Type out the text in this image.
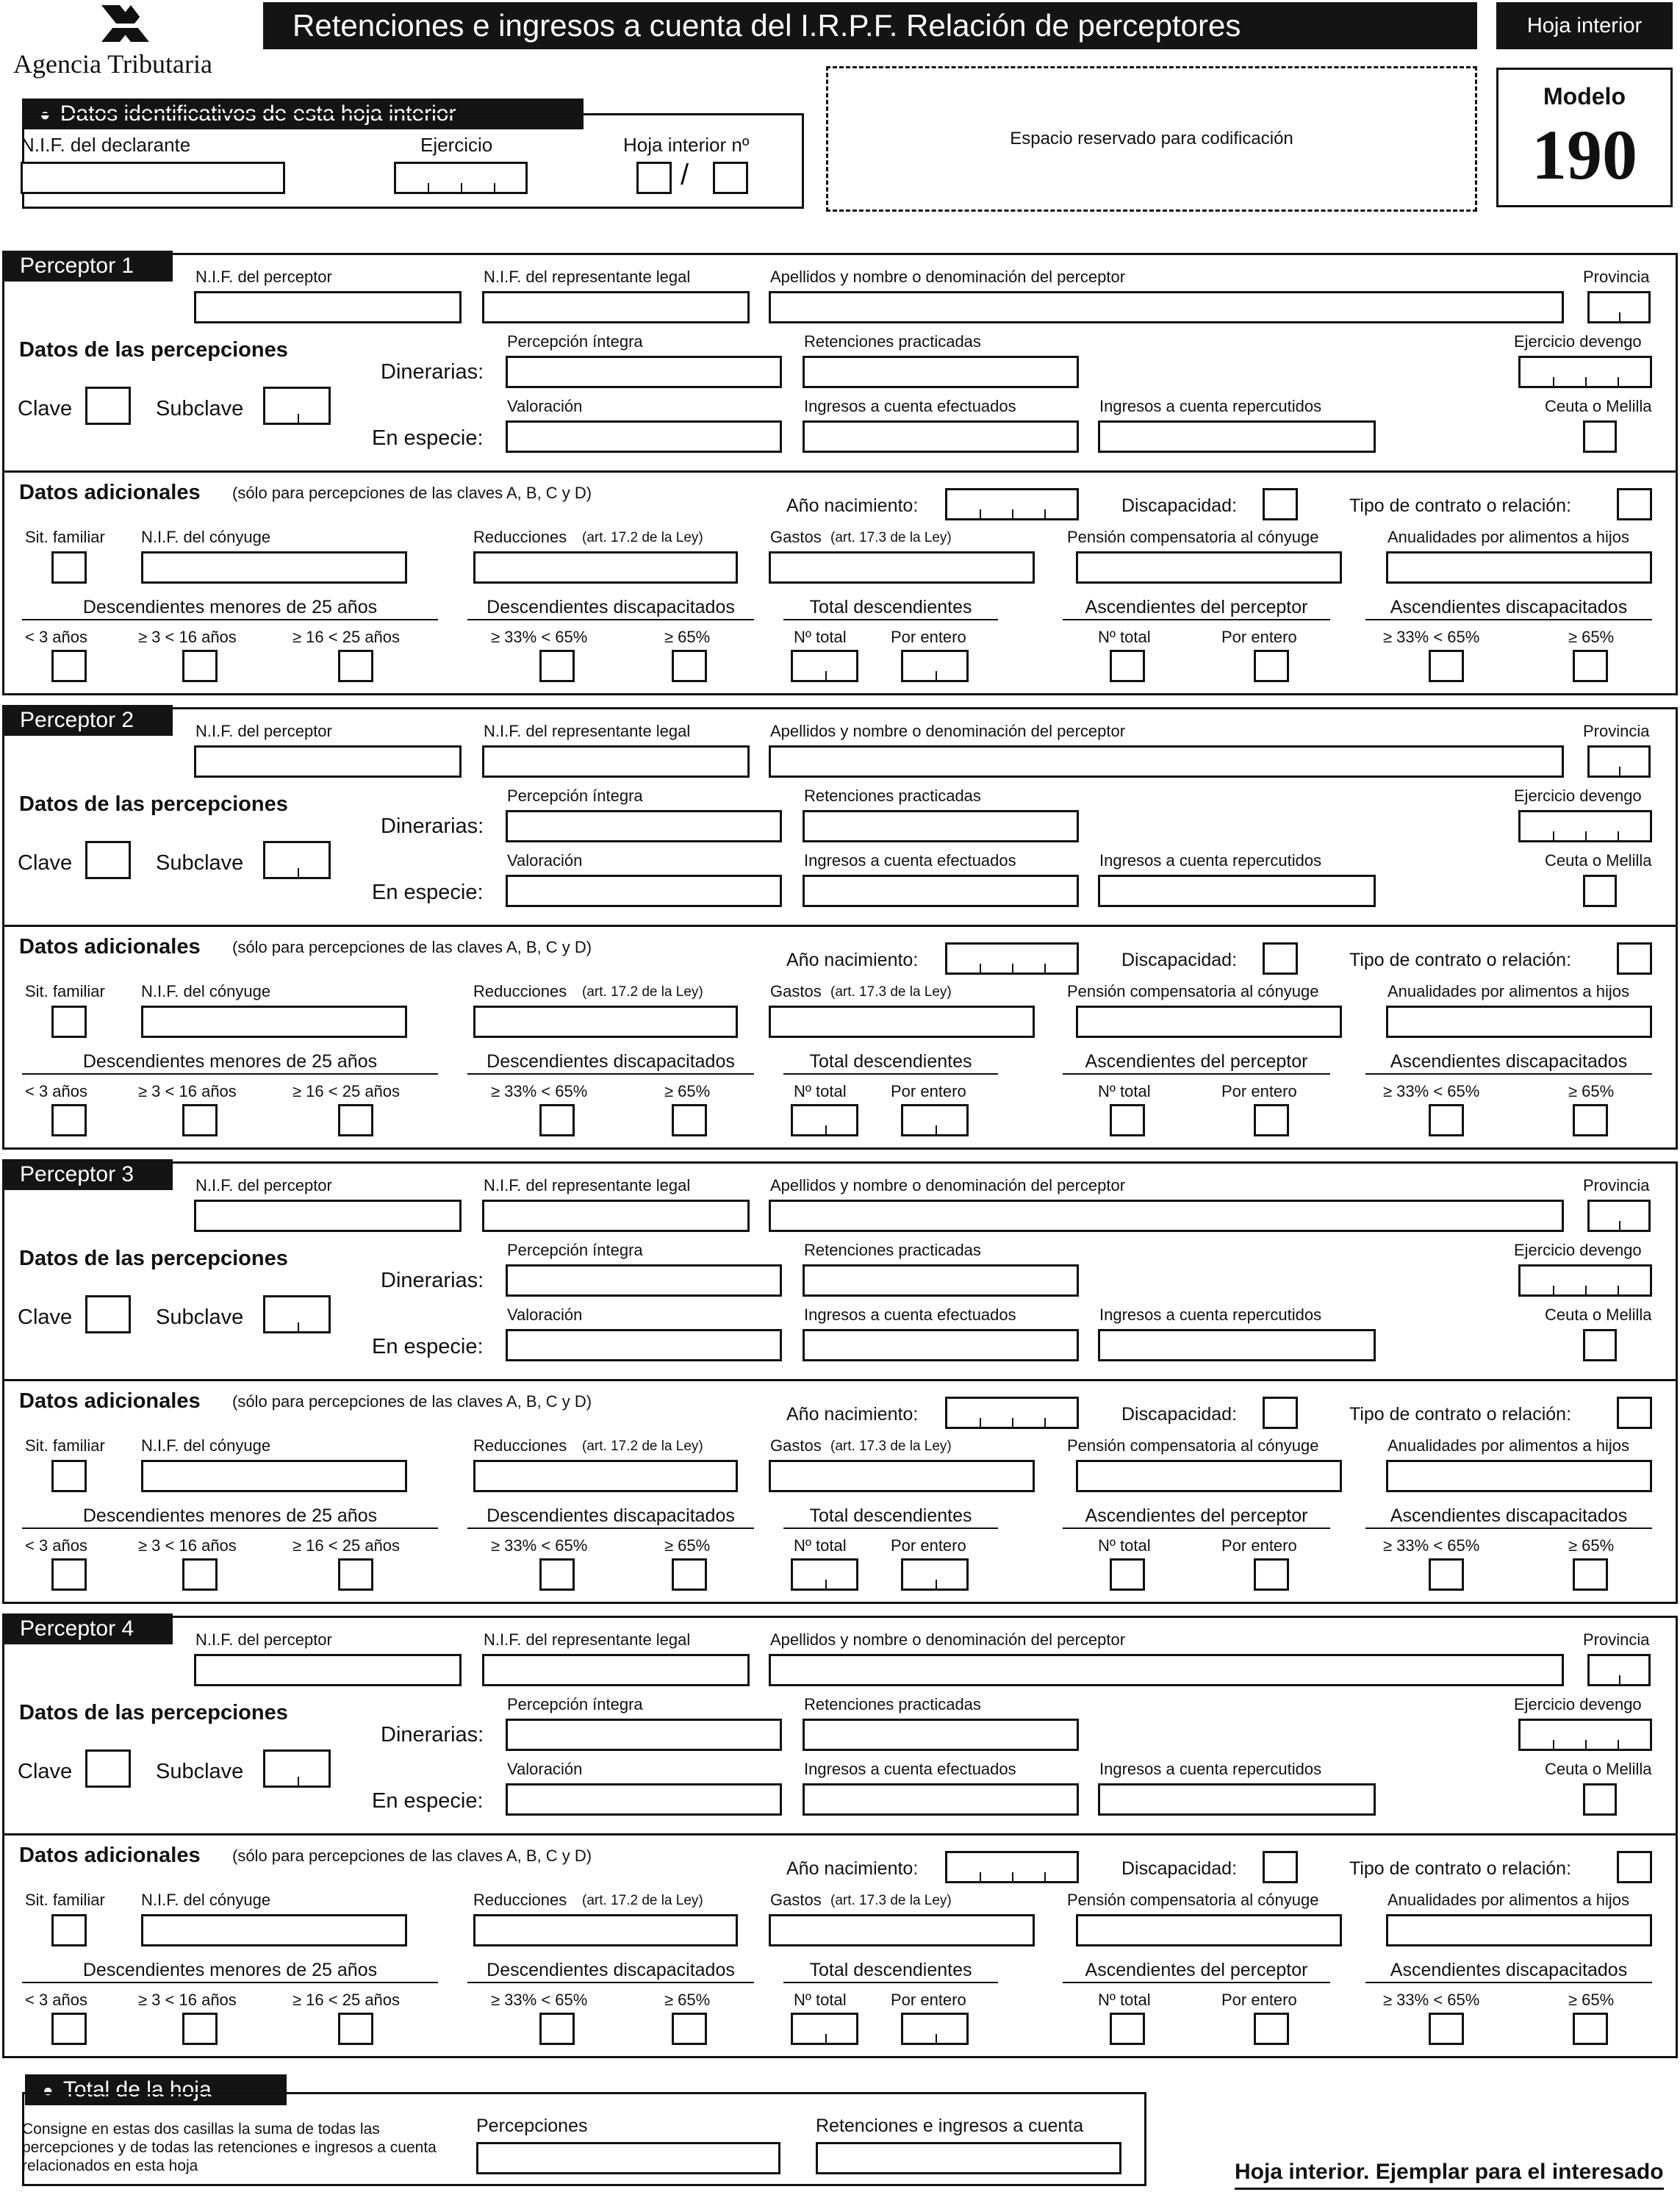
Agencia Tributaria
Retenciones e ingresos a cuenta del I.R.P.F. Relación de perceptores	Hoja interior
Modelo
190
●  Datos identificativos de esta hoja interior
N.I.F. del declarante	Ejercicio	Hoja interior nº
/
Espacio reservado para codificación
Perceptor 1	N.I.F. del perceptor	N.I.F. del representante legal	Apellidos y nombre o denominación del perceptor	Provincia
Datos de las percepciones	Percepción íntegra	Retenciones practicadas	Ejercicio devengo
Dinerarias:
Clave	Subclave	Valoración	Ingresos a cuenta efectuados	Ingresos a cuenta repercutidos	Ceuta o Melilla
En especie:
Datos adicionales (sólo para percepciones de las claves A, B, C y D)
Año nacimiento:	Discapacidad:	Tipo de contrato o relación:
Sit. familiar N.I.F. del cónyuge	Reducciones (art. 17.2 de la Ley)	Gastos (art. 17.3 de la Ley)	Pensión compensatoria al cónyuge	Anualidades por alimentos a hijos
Descendientes menores de 25 años	Descendientes discapacitados	Total descendientes	Ascendientes del perceptor	Ascendientes discapacitados
< 3 años	≥ 3 < 16 años	≥ 16 < 25 años	≥ 33% < 65%	≥ 65%	Nº total	Por entero	Nº total	Por entero	≥ 33% < 65%	≥ 65%
Perceptor 2	N.I.F. del perceptor	N.I.F. del representante legal	Apellidos y nombre o denominación del perceptor	Provincia
Datos de las percepciones	Percepción íntegra	Retenciones practicadas	Ejercicio devengo
Dinerarias:
Clave	Subclave	Valoración	Ingresos a cuenta efectuados	Ingresos a cuenta repercutidos	Ceuta o Melilla
En especie:
Datos adicionales (sólo para percepciones de las claves A, B, C y D)
Año nacimiento:	Discapacidad:	Tipo de contrato o relación:
Sit. familiar N.I.F. del cónyuge	Reducciones (art. 17.2 de la Ley)	Gastos (art. 17.3 de la Ley)	Pensión compensatoria al cónyuge	Anualidades por alimentos a hijos
Descendientes menores de 25 años	Descendientes discapacitados	Total descendientes	Ascendientes del perceptor	Ascendientes discapacitados
< 3 años	≥ 3 < 16 años	≥ 16 < 25 años	≥ 33% < 65%	≥ 65%	Nº total	Por entero	Nº total	Por entero	≥ 33% < 65%	≥ 65%
Perceptor 3	N.I.F. del perceptor	N.I.F. del representante legal	Apellidos y nombre o denominación del perceptor	Provincia
Datos de las percepciones	Percepción íntegra	Retenciones practicadas	Ejercicio devengo
Dinerarias:
Clave	Subclave	Valoración	Ingresos a cuenta efectuados	Ingresos a cuenta repercutidos	Ceuta o Melilla
En especie:
Datos adicionales (sólo para percepciones de las claves A, B, C y D)
Año nacimiento:	Discapacidad:	Tipo de contrato o relación:
Sit. familiar N.I.F. del cónyuge	Reducciones (art. 17.2 de la Ley)	Gastos (art. 17.3 de la Ley)	Pensión compensatoria al cónyuge	Anualidades por alimentos a hijos
Descendientes menores de 25 años	Descendientes discapacitados	Total descendientes	Ascendientes del perceptor	Ascendientes discapacitados
< 3 años	≥ 3 < 16 años	≥ 16 < 25 años	≥ 33% < 65%	≥ 65%	Nº total	Por entero	Nº total	Por entero	≥ 33% < 65%	≥ 65%
Perceptor 4	N.I.F. del perceptor	N.I.F. del representante legal	Apellidos y nombre o denominación del perceptor	Provincia
Datos de las percepciones	Percepción íntegra	Retenciones practicadas	Ejercicio devengo
Dinerarias:
Clave	Subclave	Valoración	Ingresos a cuenta efectuados	Ingresos a cuenta repercutidos	Ceuta o Melilla
En especie:
Datos adicionales (sólo para percepciones de las claves A, B, C y D)
Año nacimiento:	Discapacidad:	Tipo de contrato o relación:
Sit. familiar N.I.F. del cónyuge	Reducciones (art. 17.2 de la Ley)	Gastos (art. 17.3 de la Ley)	Pensión compensatoria al cónyuge	Anualidades por alimentos a hijos
Descendientes menores de 25 años	Descendientes discapacitados	Total descendientes	Ascendientes del perceptor	Ascendientes discapacitados
< 3 años	≥ 3 < 16 años	≥ 16 < 25 años	≥ 33% < 65%	≥ 65%	Nº total	Por entero	Nº total	Por entero	≥ 33% < 65%	≥ 65%
●  Total de la hoja
Consigne en estas dos casillas la suma de todas las percepciones y de todas las retenciones e ingresos a cuenta relacionados en esta hoja
Percepciones	Retenciones e ingresos a cuenta
Hoja interior. Ejemplar para el interesado
